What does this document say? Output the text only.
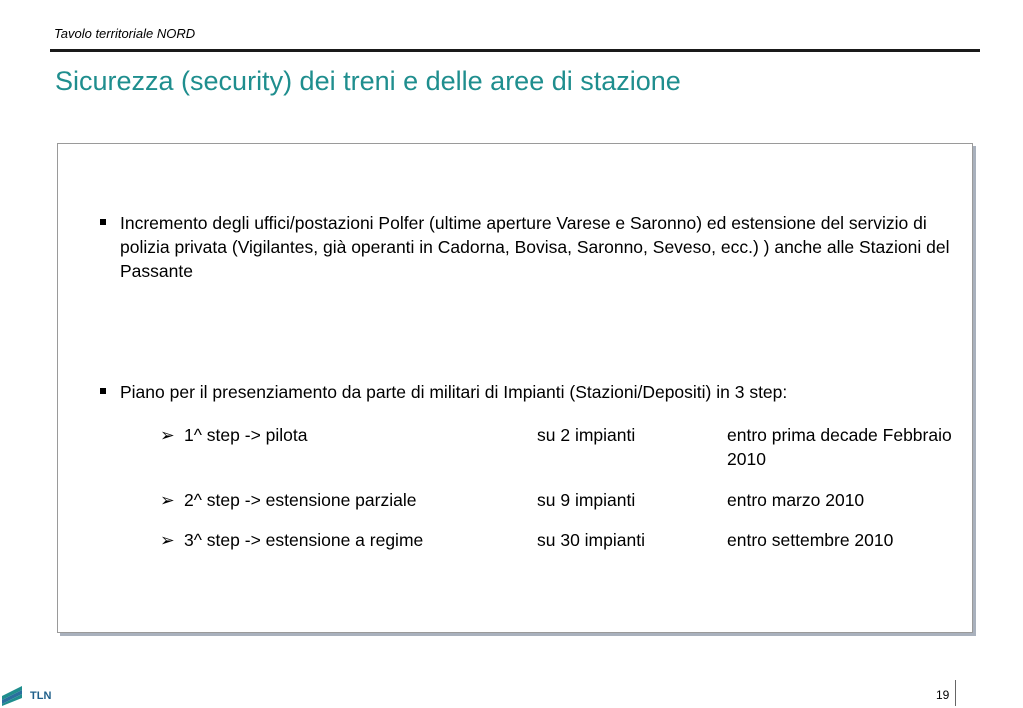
Tavolo territoriale NORD
Sicurezza (security) dei treni e delle aree di stazione
Incremento degli uffici/postazioni Polfer (ultime aperture Varese e Saronno) ed estensione del servizio di polizia privata (Vigilantes, già operanti in Cadorna, Bovisa, Saronno, Seveso, ecc.) ) anche alle Stazioni del Passante
Piano per il presenziamento da parte di militari di Impianti (Stazioni/Depositi) in 3 step:
➢ 1^ step -> pilota	su 2 impianti	entro prima decade Febbraio 2010
➢ 2^ step -> estensione parziale	su 9 impianti	entro marzo 2010
➢ 3^ step -> estensione a regime	su 30 impianti	entro settembre 2010
TLN	19
